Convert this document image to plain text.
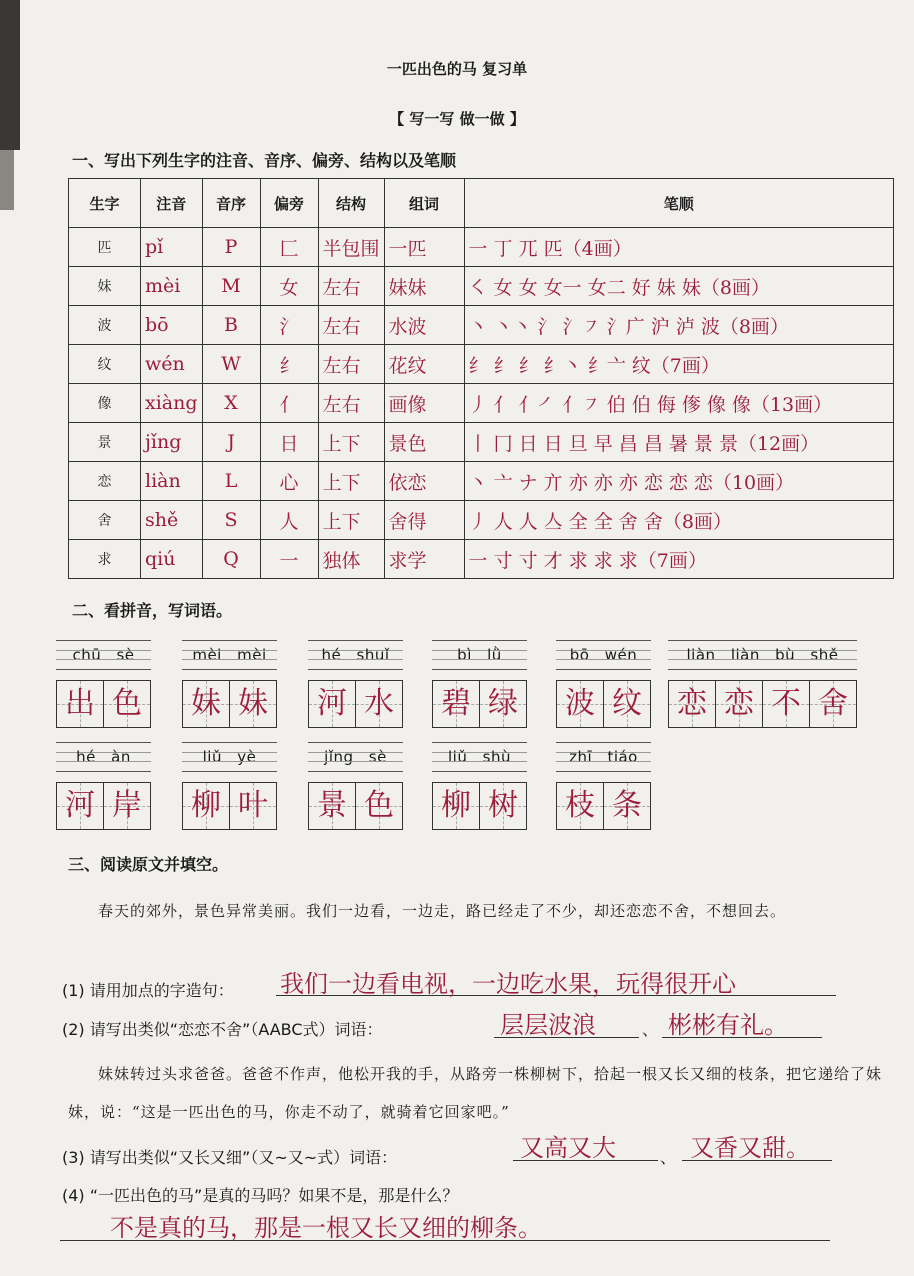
一匹出色的马 复习单
【 写一写 做一做 】
一、写出下列生字的注音、音序、偏旁、结构以及笔顺
生字	注音	音序	偏旁	结构	组词	笔顺
匹	pǐ	P	匚	半包围	一匹	一 丁 兀 匹（4画）
妹	mèi	M	女	左右	妹妹	㇛ 女 女 女一 女二 好 妹 妹（8画）
波	bō	B	氵	左右	水波	丶 丶丶 氵 氵㇇ 氵广 沪 泸 波（8画）
纹	wén	W	纟	左右	花纹	纟 纟 纟 纟丶 纟亠 纹（7画）
像	xiàng	X	亻	左右	画像	丿 亻 亻㇒ 亻㇇ 伯 伯 侮 偧 像 像（13画）
景	jǐng	J	日	上下	景色	丨 冂 日 日 旦 早 昌 昌 暑 景 景（12画）
恋	liàn	L	心	上下	依恋	丶 亠 ナ 亣 亦 亦 亦 恋 恋 恋（10画）
舍	shě	S	人	上下	舍得	丿 人 人 亼 全 全 舍 舍（8画）
求	qiú	Q	一	独体	求学	一 寸 寸 才 求 求 求（7画）
二、看拼音，写词语。
chū sè
出 色
mèi mèi
妹 妹
hé shuǐ
河 水
bì lǜ
碧 绿
bō wén
波 纹
liàn liàn bù shě
恋 恋 不 舍
hé àn
河 岸
liǔ yè
柳 叶
jǐng sè
景 色
liǔ shù
柳 树
zhī tiáo
枝 条
三、阅读原文并填空。
春天的郊外，景色异常美丽。我们一边看，一边走，路已经走了不少，却还恋恋不舍，不想回去。
(1) 请用加点的字造句： 我们一边看电视，一边吃水果，玩得很开心
(2) 请写出类似“恋恋不舍”（AABC式）词语：	层层波浪	、 彬彬有礼。
妹妹转过头求爸爸。爸爸不作声，他松开我的手，从路旁一株柳树下，拾起一根又长又细的枝条，把它递给了妹妹，说：“这是一匹出色的马，你走不动了，就骑着它回家吧。”
(3) 请写出类似“又长又细”（又~又~式）词语：	又高又大	、 又香又甜。
(4) “一匹出色的马”是真的马吗？如果不是，那是什么？
不是真的马，那是一根又长又细的柳条。
